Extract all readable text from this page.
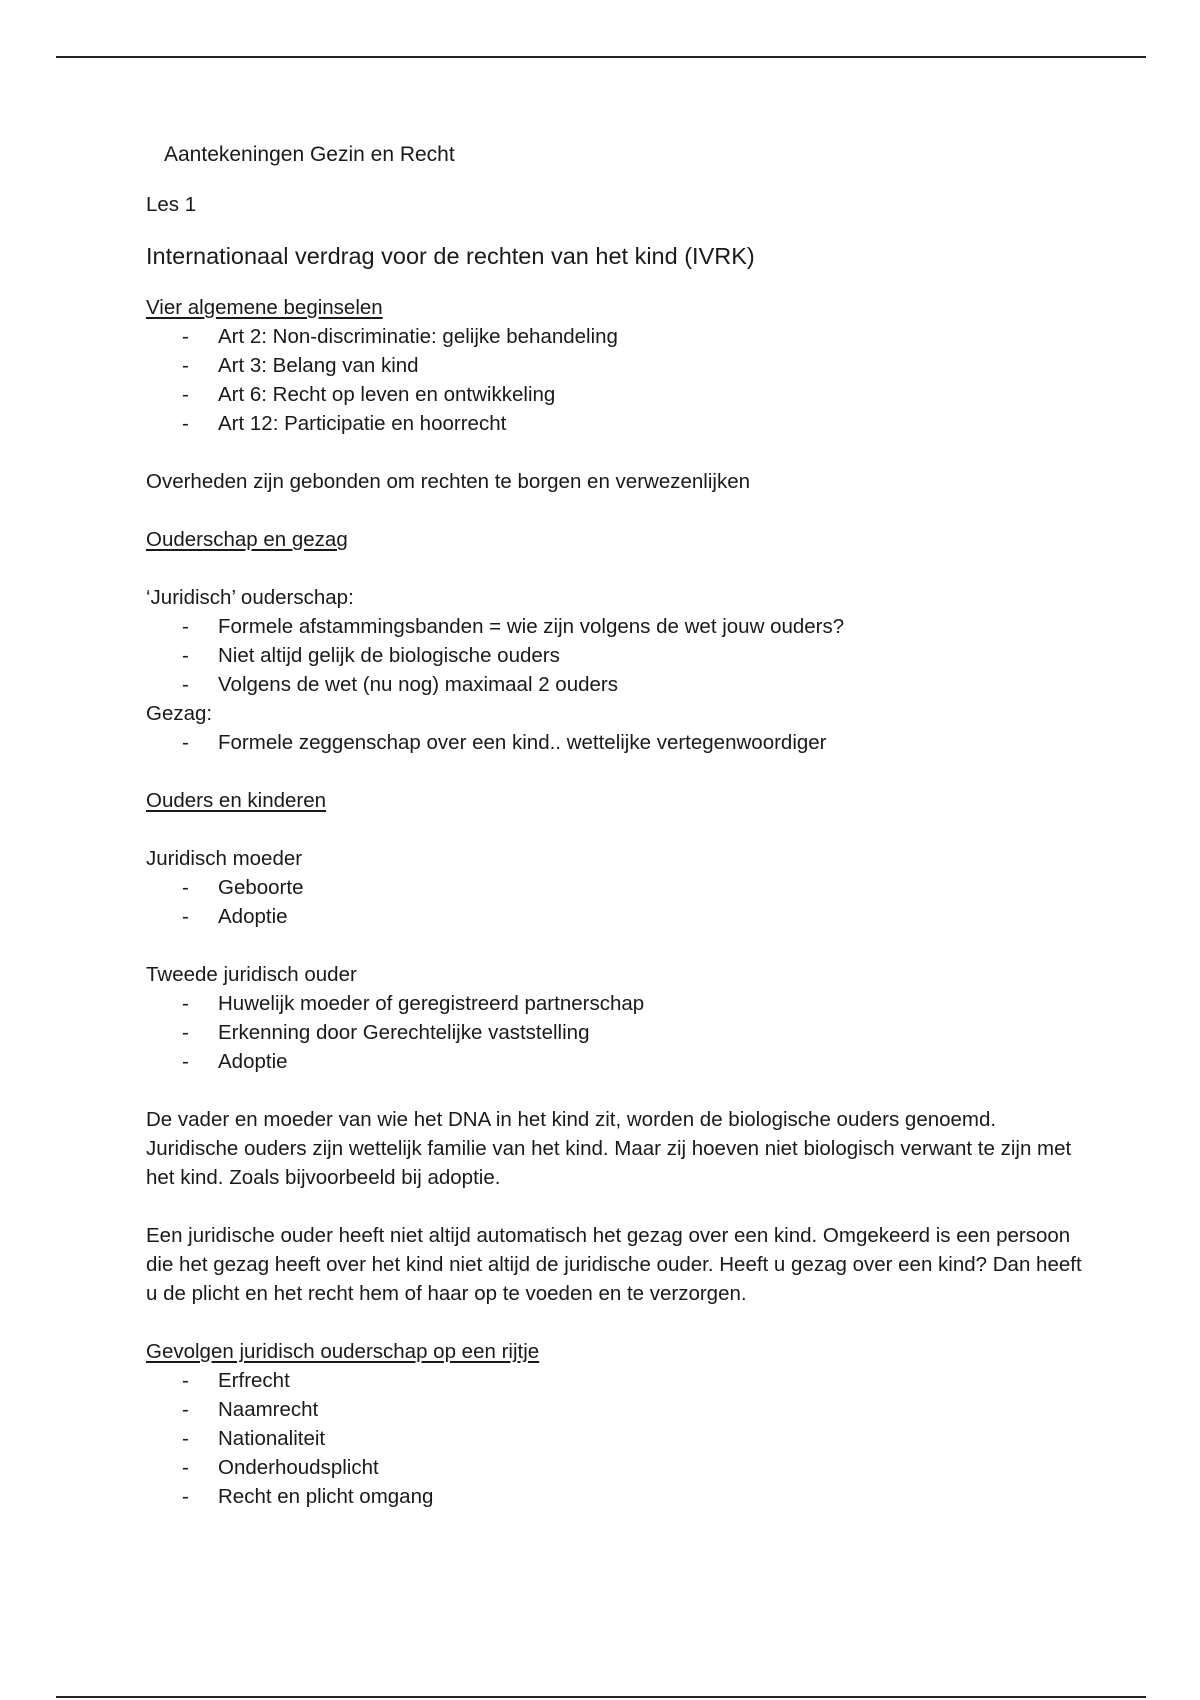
Aantekeningen Gezin en Recht

Les 1

Internationaal verdrag voor de rechten van het kind (IVRK)

Vier algemene beginselen
- Art 2: Non-discriminatie: gelijke behandeling
- Art 3: Belang van kind
- Art 6: Recht op leven en ontwikkeling
- Art 12: Participatie en hoorrecht

Overheden zijn gebonden om rechten te borgen en verwezenlijken

Ouderschap en gezag
‘Juridisch’ ouderschap:
- Formele afstammingsbanden = wie zijn volgens de wet jouw ouders?
- Niet altijd gelijk de biologische ouders
- Volgens de wet (nu nog) maximaal 2 ouders
Gezag:
- Formele zeggenschap over een kind.. wettelijke vertegenwoordiger
Ouders en kinderen
Juridisch moeder
- Geboorte
- Adoptie
Tweede juridisch ouder
- Huwelijk moeder of geregistreerd partnerschap
- Erkenning door Gerechtelijke vaststelling
- Adoptie

De vader en moeder van wie het DNA in het kind zit, worden de biologische ouders genoemd. Juridische ouders zijn wettelijk familie van het kind. Maar zij hoeven niet biologisch verwant te zijn met het kind. Zoals bijvoorbeeld bij adoptie.

Een juridische ouder heeft niet altijd automatisch het gezag over een kind. Omgekeerd is een persoon die het gezag heeft over het kind niet altijd de juridische ouder. Heeft u gezag over een kind? Dan heeft u de plicht en het recht hem of haar op te voeden en te verzorgen.

Gevolgen juridisch ouderschap op een rijtje
- Erfrecht
- Naamrecht
- Nationaliteit
- Onderhoudsplicht
- Recht en plicht omgang
